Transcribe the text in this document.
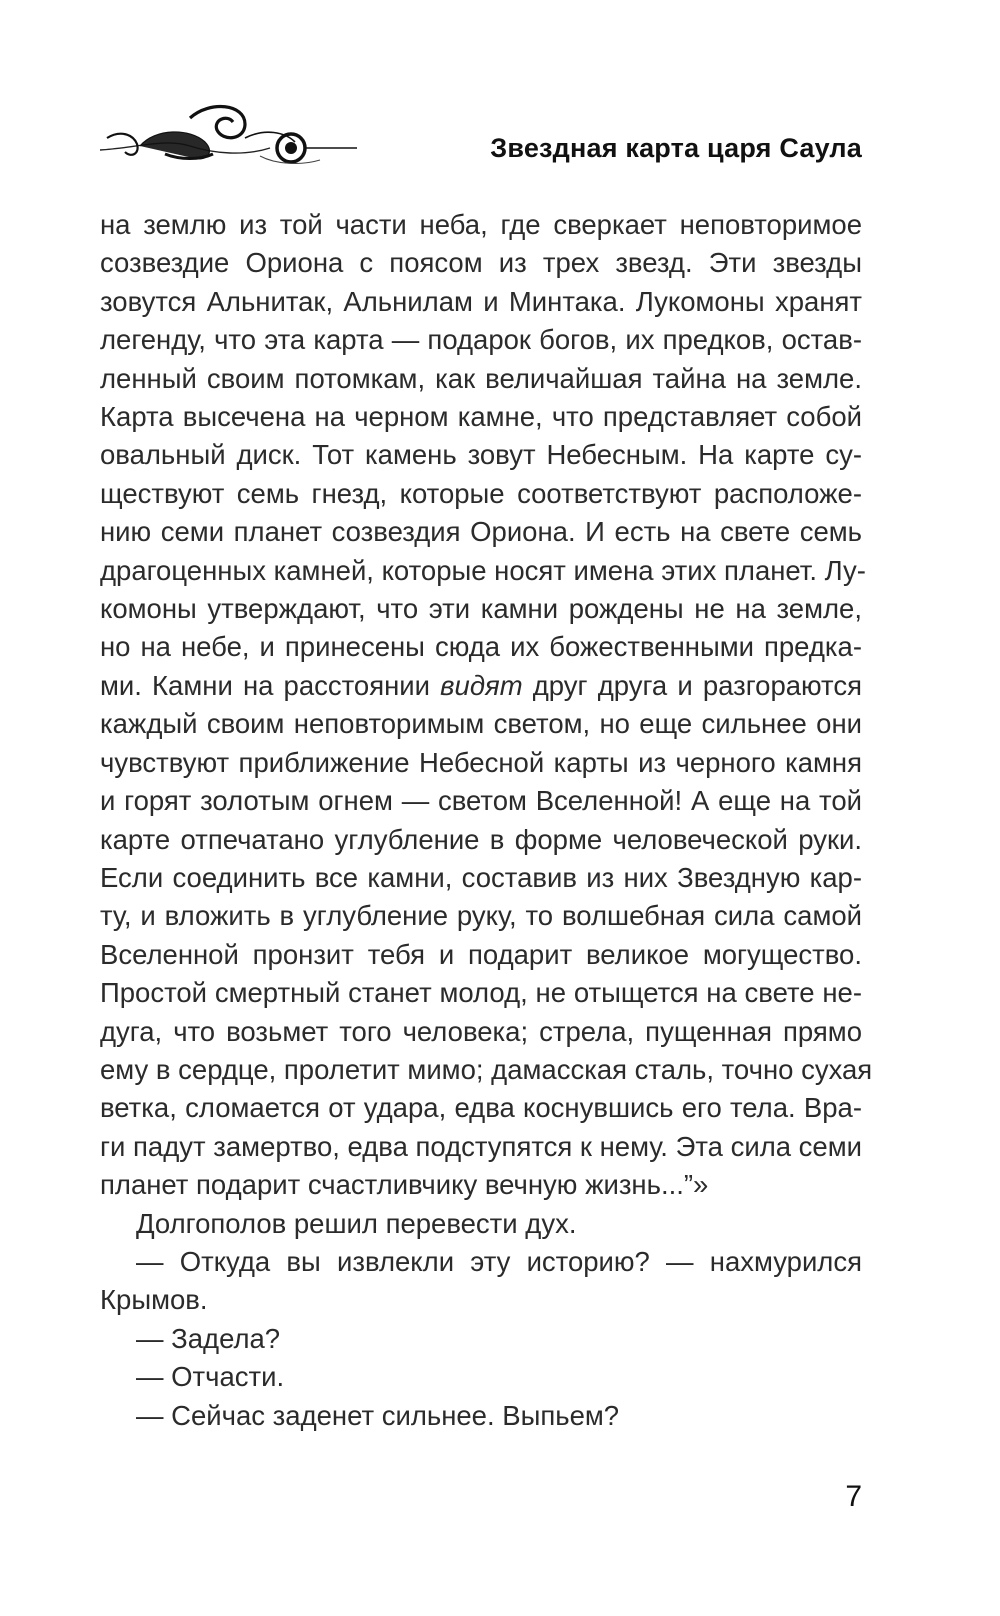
Звездная карта царя Саула
на землю из той части неба, где сверкает неповторимое
созвездие Ориона с поясом из трех звезд. Эти звезды
зовутся Альнитак, Альнилам и Минтака. Лукомоны хранят
легенду, что эта карта — подарок богов, их предков, остав-
ленный своим потомкам, как величайшая тайна на земле.
Карта высечена на черном камне, что представляет собой
овальный диск. Тот камень зовут Небесным. На карте су-
ществуют семь гнезд, которые соответствуют расположе-
нию семи планет созвездия Ориона. И есть на свете семь
драгоценных камней, которые носят имена этих планет. Лу-
комоны утверждают, что эти камни рождены не на земле,
но на небе, и принесены сюда их божественными предка-
ми. Камни на расстоянии видят друг друга и разгораются
каждый своим неповторимым светом, но еще сильнее они
чувствуют приближение Небесной карты из черного камня
и горят золотым огнем — светом Вселенной! А еще на той
карте отпечатано углубление в форме человеческой руки.
Если соединить все камни, составив из них Звездную кар-
ту, и вложить в углубление руку, то волшебная сила самой
Вселенной пронзит тебя и подарит великое могущество.
Простой смертный станет молод, не отыщется на свете не-
дуга, что возьмет того человека; стрела, пущенная прямо
ему в сердце, пролетит мимо; дамасская сталь, точно сухая
ветка, сломается от удара, едва коснувшись его тела. Вра-
ги падут замертво, едва подступятся к нему. Эта сила семи
планет подарит счастливчику вечную жизнь...”»
Долгополов решил перевести дух.
— Откуда вы извлекли эту историю? — нахмурился
Крымов.
— Задела?
— Отчасти.
— Сейчас заденет сильнее. Выпьем?
7
